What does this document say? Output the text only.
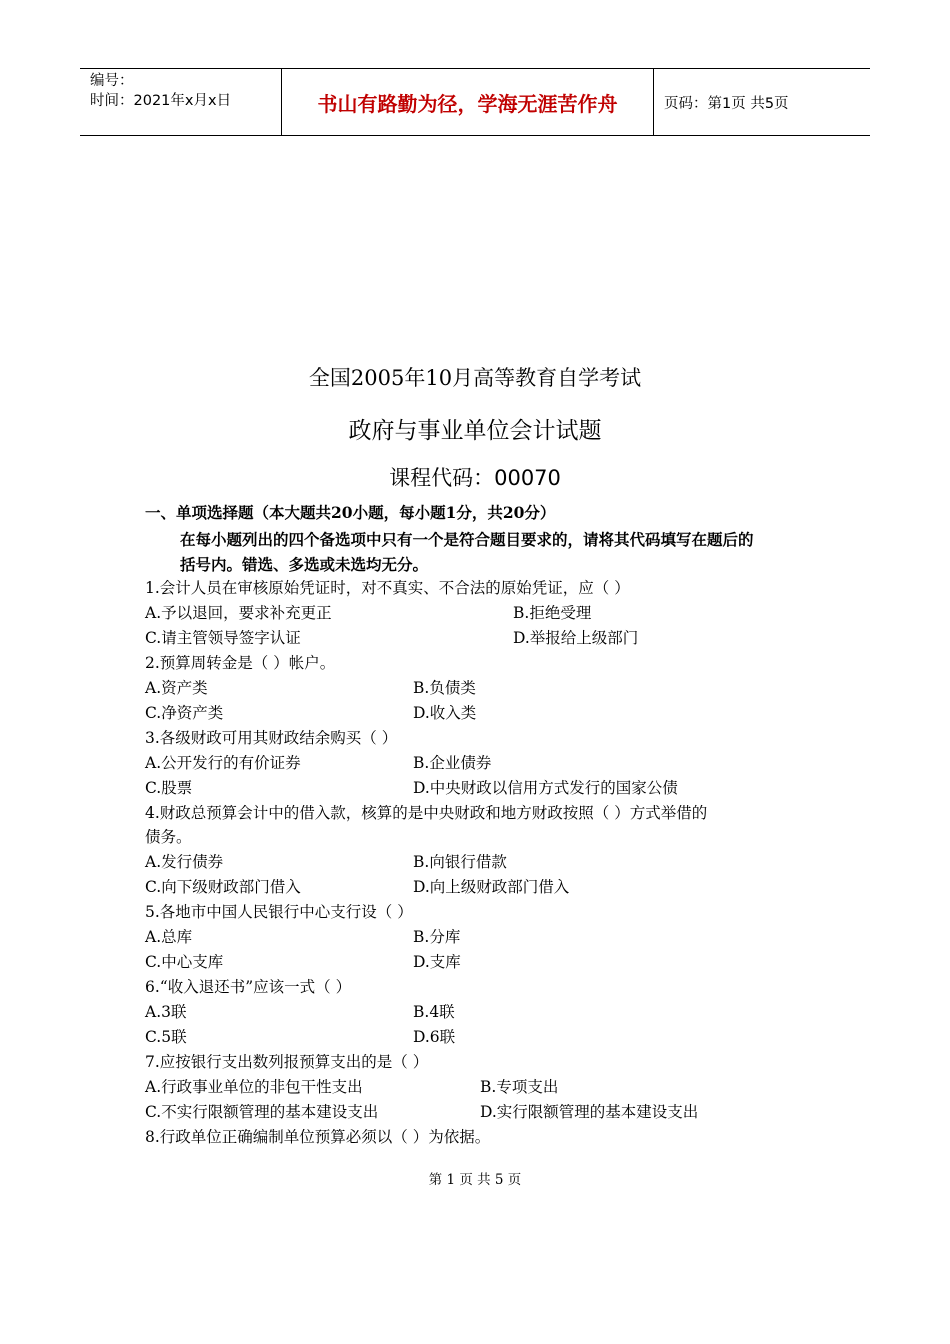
编号：
时间：2021年x月x日	书山有路勤为径，学海无涯苦作舟	页码：第1页 共5页
全国2005年10月高等教育自学考试
政府与事业单位会计试题
课程代码：00070
一、单项选择题（本大题共20小题，每小题1分，共20分）
在每小题列出的四个备选项中只有一个是符合题目要求的，请将其代码填写在题后的
括号内。错选、多选或未选均无分。
1.会计人员在审核原始凭证时，对不真实、不合法的原始凭证，应（ ）
A.予以退回，要求补充更正	B.拒绝受理
C.请主管领导签字认证	D.举报给上级部门
2.预算周转金是（ ）帐户。
A.资产类	B.负债类
C.净资产类	D.收入类
3.各级财政可用其财政结余购买（ ）
A.公开发行的有价证券	B.企业债券
C.股票	D.中央财政以信用方式发行的国家公债
4.财政总预算会计中的借入款，核算的是中央财政和地方财政按照（ ）方式举借的
债务。
A.发行债券	B.向银行借款
C.向下级财政部门借入	D.向上级财政部门借入
5.各地市中国人民银行中心支行设（ ）
A.总库	B.分库
C.中心支库	D.支库
6.“收入退还书”应该一式（ ）
A.3联	B.4联
C.5联	D.6联
7.应按银行支出数列报预算支出的是（ ）
A.行政事业单位的非包干性支出	B.专项支出
C.不实行限额管理的基本建设支出	D.实行限额管理的基本建设支出
8.行政单位正确编制单位预算必须以（ ）为依据。
第 1 页 共 5 页
